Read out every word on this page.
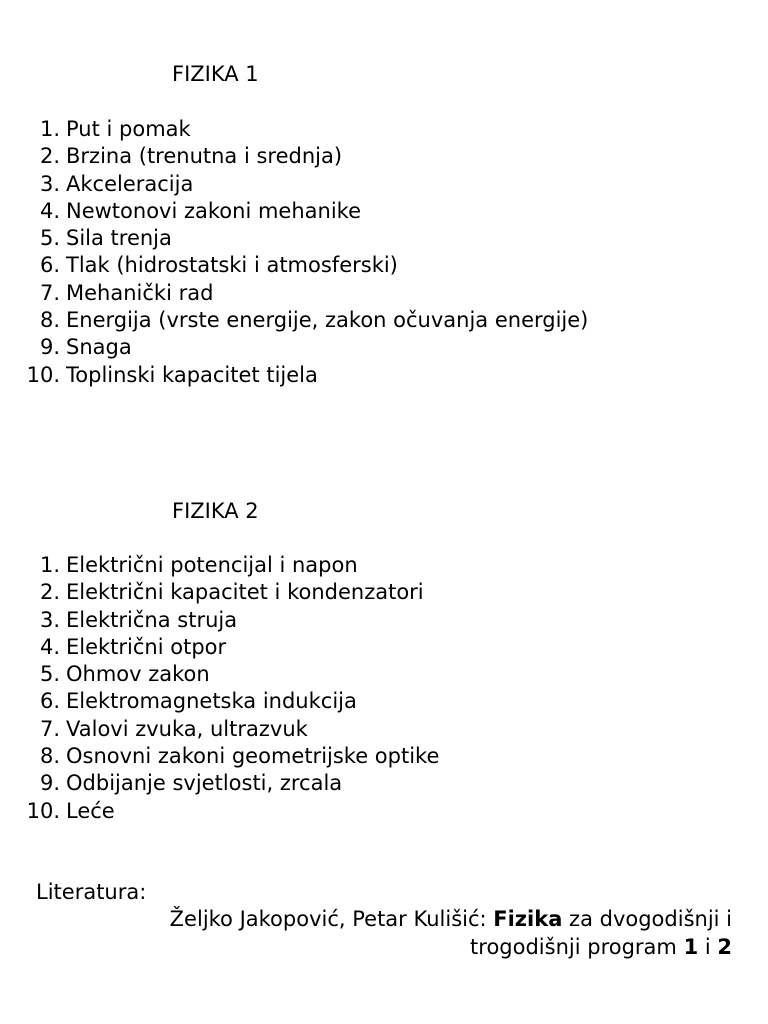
FIZIKA 1
1. Put i pomak
2. Brzina (trenutna i srednja)
3. Akceleracija
4. Newtonovi zakoni mehanike
5. Sila trenja
6. Tlak (hidrostatski i atmosferski)
7. Mehanički rad
8. Energija (vrste energije, zakon očuvanja energije)
9. Snaga
10. Toplinski kapacitet tijela
FIZIKA 2
1. Električni potencijal i napon
2. Električni kapacitet i kondenzatori
3. Električna struja
4. Električni otpor
5. Ohmov zakon
6. Elektromagnetska indukcija
7. Valovi zvuka, ultrazvuk
8. Osnovni zakoni geometrijske optike
9. Odbijanje svjetlosti, zrcala
10. Leće
Literatura:
Željko Jakopović, Petar Kulišić: Fizika za dvogodišnji i trogodišnji program 1 i 2
